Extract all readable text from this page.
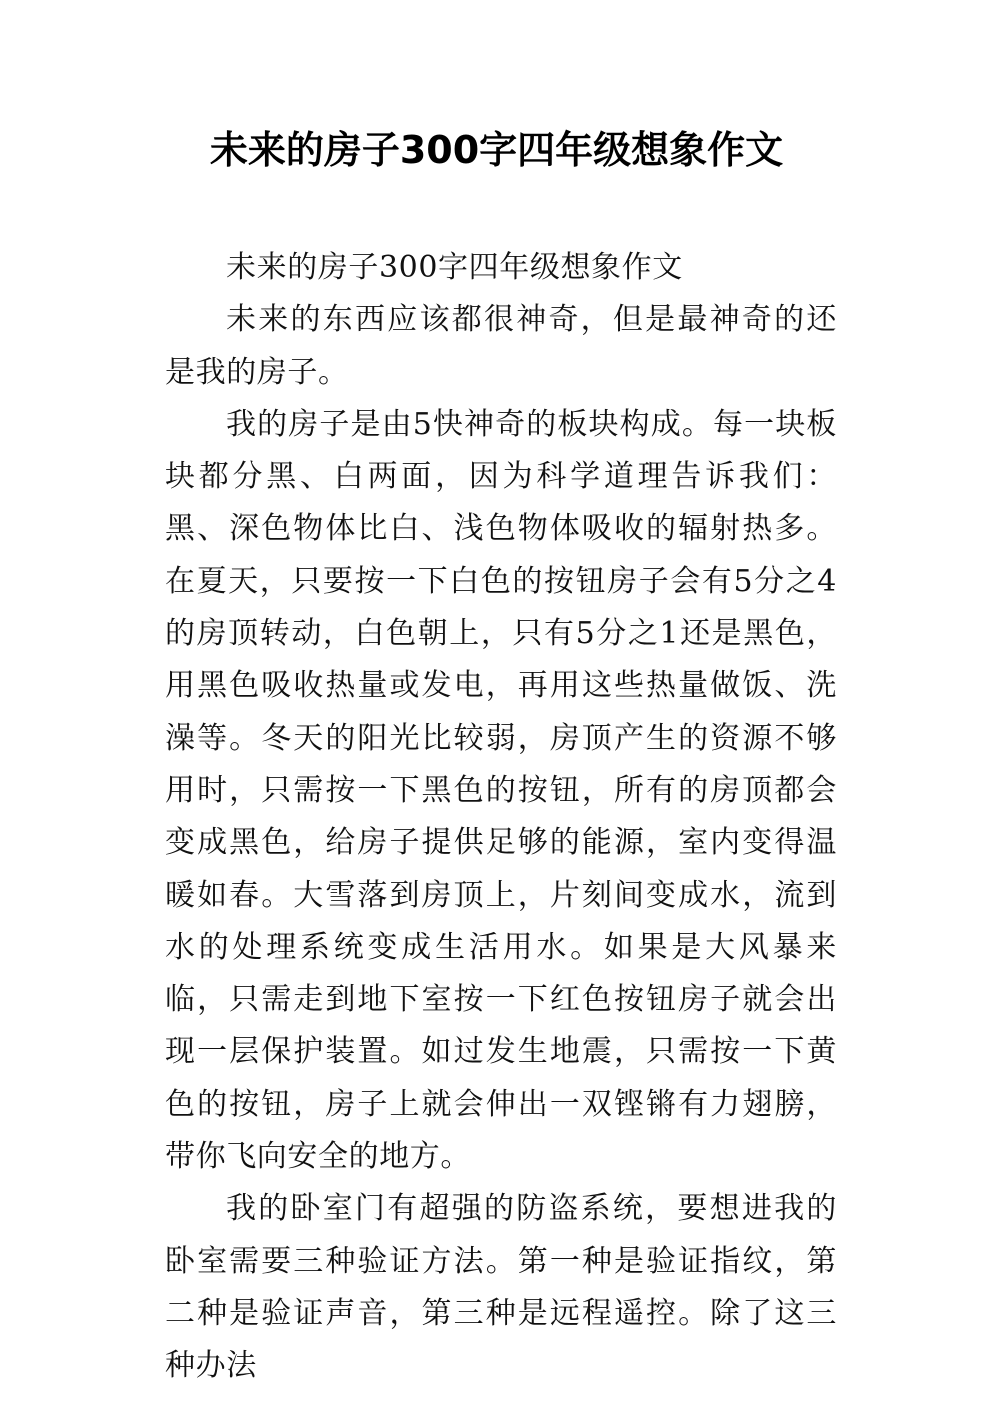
未来的房子300字四年级想象作文

未来的房子300字四年级想象作文

未来的东西应该都很神奇，但是最神奇的还是我的房子。

我的房子是由5快神奇的板块构成。每一块板块都分黑、白两面，因为科学道理告诉我们：黑、深色物体比白、浅色物体吸收的辐射热多。在夏天，只要按一下白色的按钮房子会有5分之4的房顶转动，白色朝上，只有5分之1还是黑色，用黑色吸收热量或发电，再用这些热量做饭、洗澡等。冬天的阳光比较弱，房顶产生的资源不够用时，只需按一下黑色的按钮，所有的房顶都会变成黑色，给房子提供足够的能源，室内变得温暖如春。大雪落到房顶上，片刻间变成水，流到水的处理系统变成生活用水。如果是大风暴来临，只需走到地下室按一下红色按钮房子就会出现一层保护装置。如过发生地震，只需按一下黄色的按钮，房子上就会伸出一双铿锵有力翅膀，带你飞向安全的地方。

我的卧室门有超强的防盗系统，要想进我的卧室需要三种验证方法。第一种是验证指纹，第二种是验证声音，第三种是远程遥控。除了这三种办法
